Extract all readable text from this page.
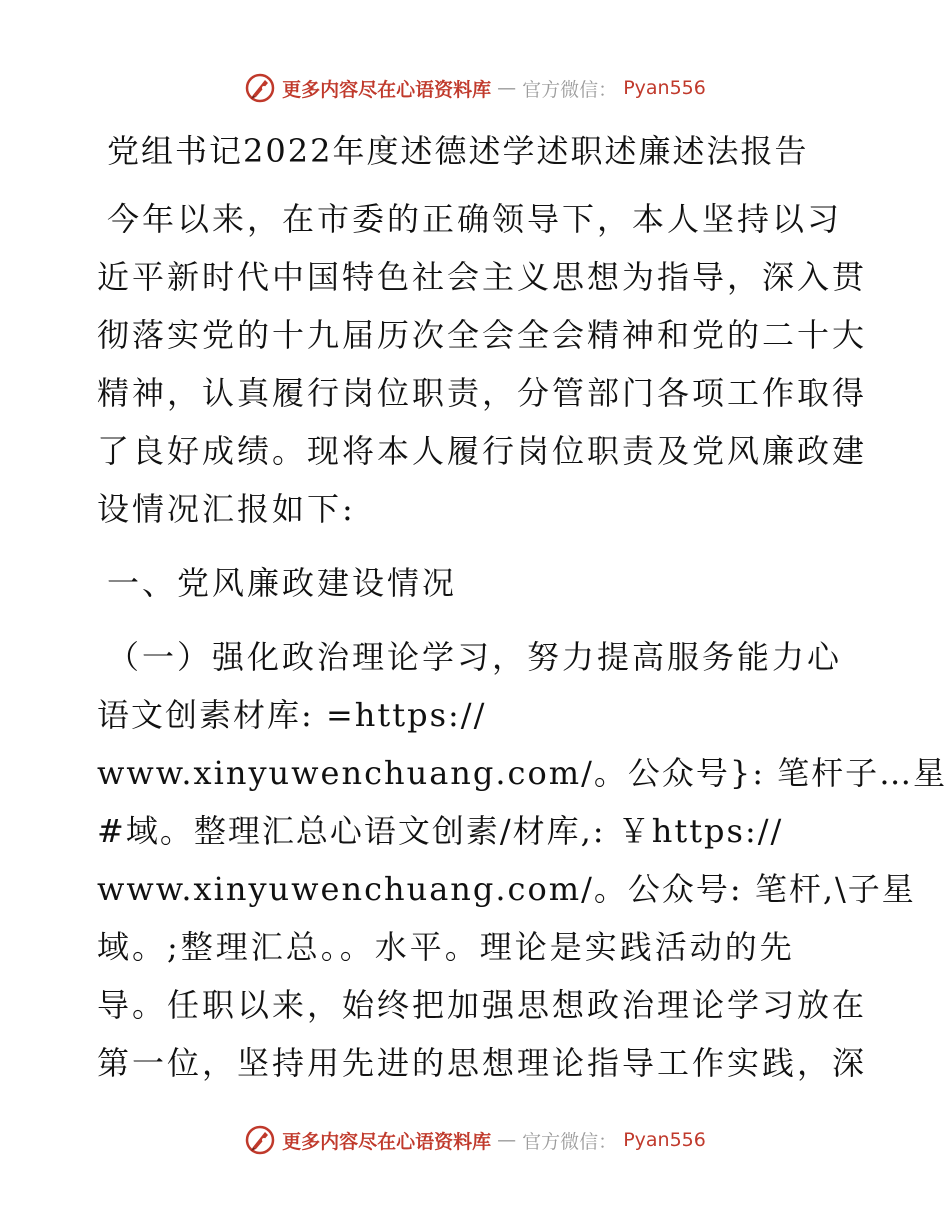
更多内容尽在心语资料库 — 官方微信： Pyan556
党组书记2022年度述德述学述职述廉述法报告
今年以来，在市委的正确领导下，本人坚持以习
近平新时代中国特色社会主义思想为指导，深入贯
彻落实党的十九届历次全会全会精神和党的二十大
精神，认真履行岗位职责，分管部门各项工作取得
了良好成绩。现将本人履行岗位职责及党风廉政建
设情况汇报如下:
一、党风廉政建设情况
（一）强化政治理论学习，努力提高服务能力心
语文创素材库: =https://
www.xinyuwenchuang.com/。公众号}: 笔杆子…星
#域。整理汇总心语文创素/材库,: ￥https://
www.xinyuwenchuang.com/。公众号: 笔杆,\子星
域。;整理汇总。。水平。理论是实践活动的先
导。任职以来，始终把加强思想政治理论学习放在
第一位，坚持用先进的思想理论指导工作实践，深
更多内容尽在心语资料库 — 官方微信： Pyan556
